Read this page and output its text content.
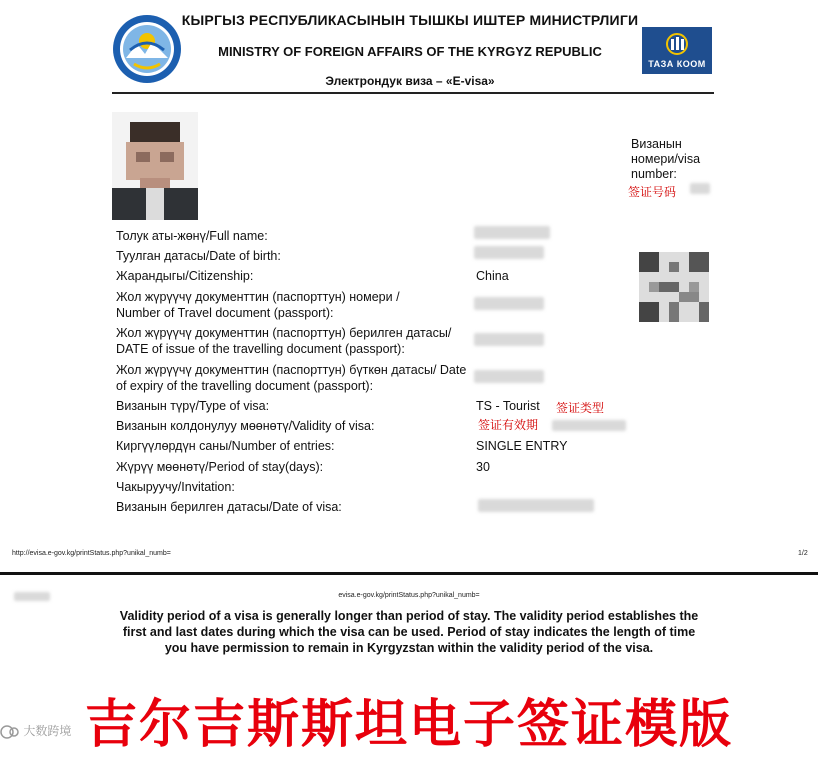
КЫРГЫЗ РЕСПУБЛИКАСЫНЫН ТЫШКЫ ИШТЕР МИНИСТРЛИГИ
MINISTRY OF FOREIGN AFFAIRS OF THE KYRGYZ REPUBLIC
Электрондук виза – «E-visa»
ТАЗА КООМ
Визанын номери/visa number:
签证号码
Толук аты-жөнү/Full name:
Туулган датасы/Date of birth:
Жарандыгы/Citizenship:	China
Жол жүрүүчү документтин (паспорттун) номери / Number of Travel document (passport):
Жол жүрүүчү документтин (паспорттун) берилген датасы/ DATE of issue of the travelling document (passport):
Жол жүрүүчү документтин (паспорттун) бүткөн датасы/ Date of expiry of the travelling document (passport):
Визанын түрү/Type of visa:	TS - Tourist 签证类型
Визанын колдонулуу мөөнөтү/Validity of visa:	签证有效期
Киргүүлөрдүн саны/Number of entries:	SINGLE ENTRY
Жүрүү мөөнөтү/Period of stay(days):	30
Чакыруучу/Invitation:
Визанын берилген датасы/Date of visa:
http://evisa.e-gov.kg/printStatus.php?unikal_numb=	1/2
evisa.e-gov.kg/printStatus.php?unikal_numb=
Validity period of a visa is generally longer than period of stay. The validity period establishes the first and last dates during which the visa can be used. Period of stay indicates the length of time you have permission to remain in Kyrgyzstan within the validity period of the visa.
吉尔吉斯斯坦电子签证模版
大数跨境
